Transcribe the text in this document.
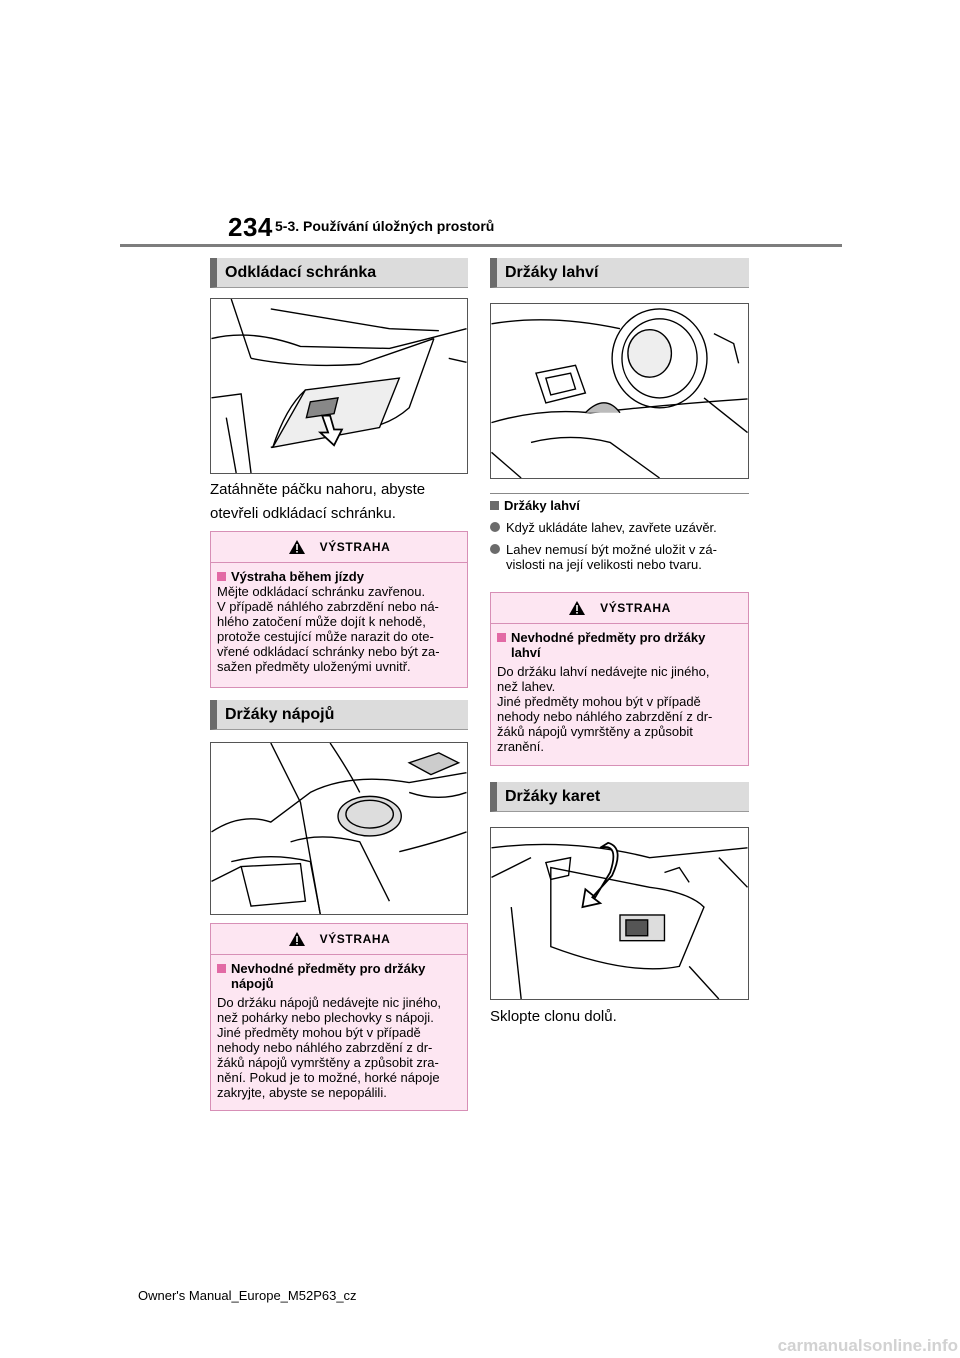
234 5-3. Používání úložných prostorů
Odkládací schránka
Zatáhněte páčku nahoru, abyste
otevřeli odkládací schránku.
VÝSTRAHA
Výstraha během jízdy
Mějte odkládací schránku zavřenou.
V případě náhlého zabrzdění nebo ná-
hlého zatočení může dojít k nehodě,
protože cestující může narazit do ote-
vřené odkládací schránky nebo být za-
sažen předměty uloženými uvnitř.
Držáky nápojů
VÝSTRAHA
Nevhodné předměty pro držáky
nápojů
Do držáku nápojů nedávejte nic jiného,
než pohárky nebo plechovky s nápoji.
Jiné předměty mohou být v případě
nehody nebo náhlého zabrzdění z dr-
žáků nápojů vymrštěny a způsobit zra-
nění. Pokud je to možné, horké nápoje
zakryjte, abyste se nepopálili.
Držáky lahví
Držáky lahví
Když ukládáte lahev, zavřete uzávěr.
Lahev nemusí být možné uložit v zá-
vislosti na její velikosti nebo tvaru.
VÝSTRAHA
Nevhodné předměty pro držáky
lahví
Do držáku lahví nedávejte nic jiného,
než lahev.
Jiné předměty mohou být v případě
nehody nebo náhlého zabrzdění z dr-
žáků nápojů vymrštěny a způsobit
zranění.
Držáky karet
Sklopte clonu dolů.
Owner's Manual_Europe_M52P63_cz
carmanualsonline.info
